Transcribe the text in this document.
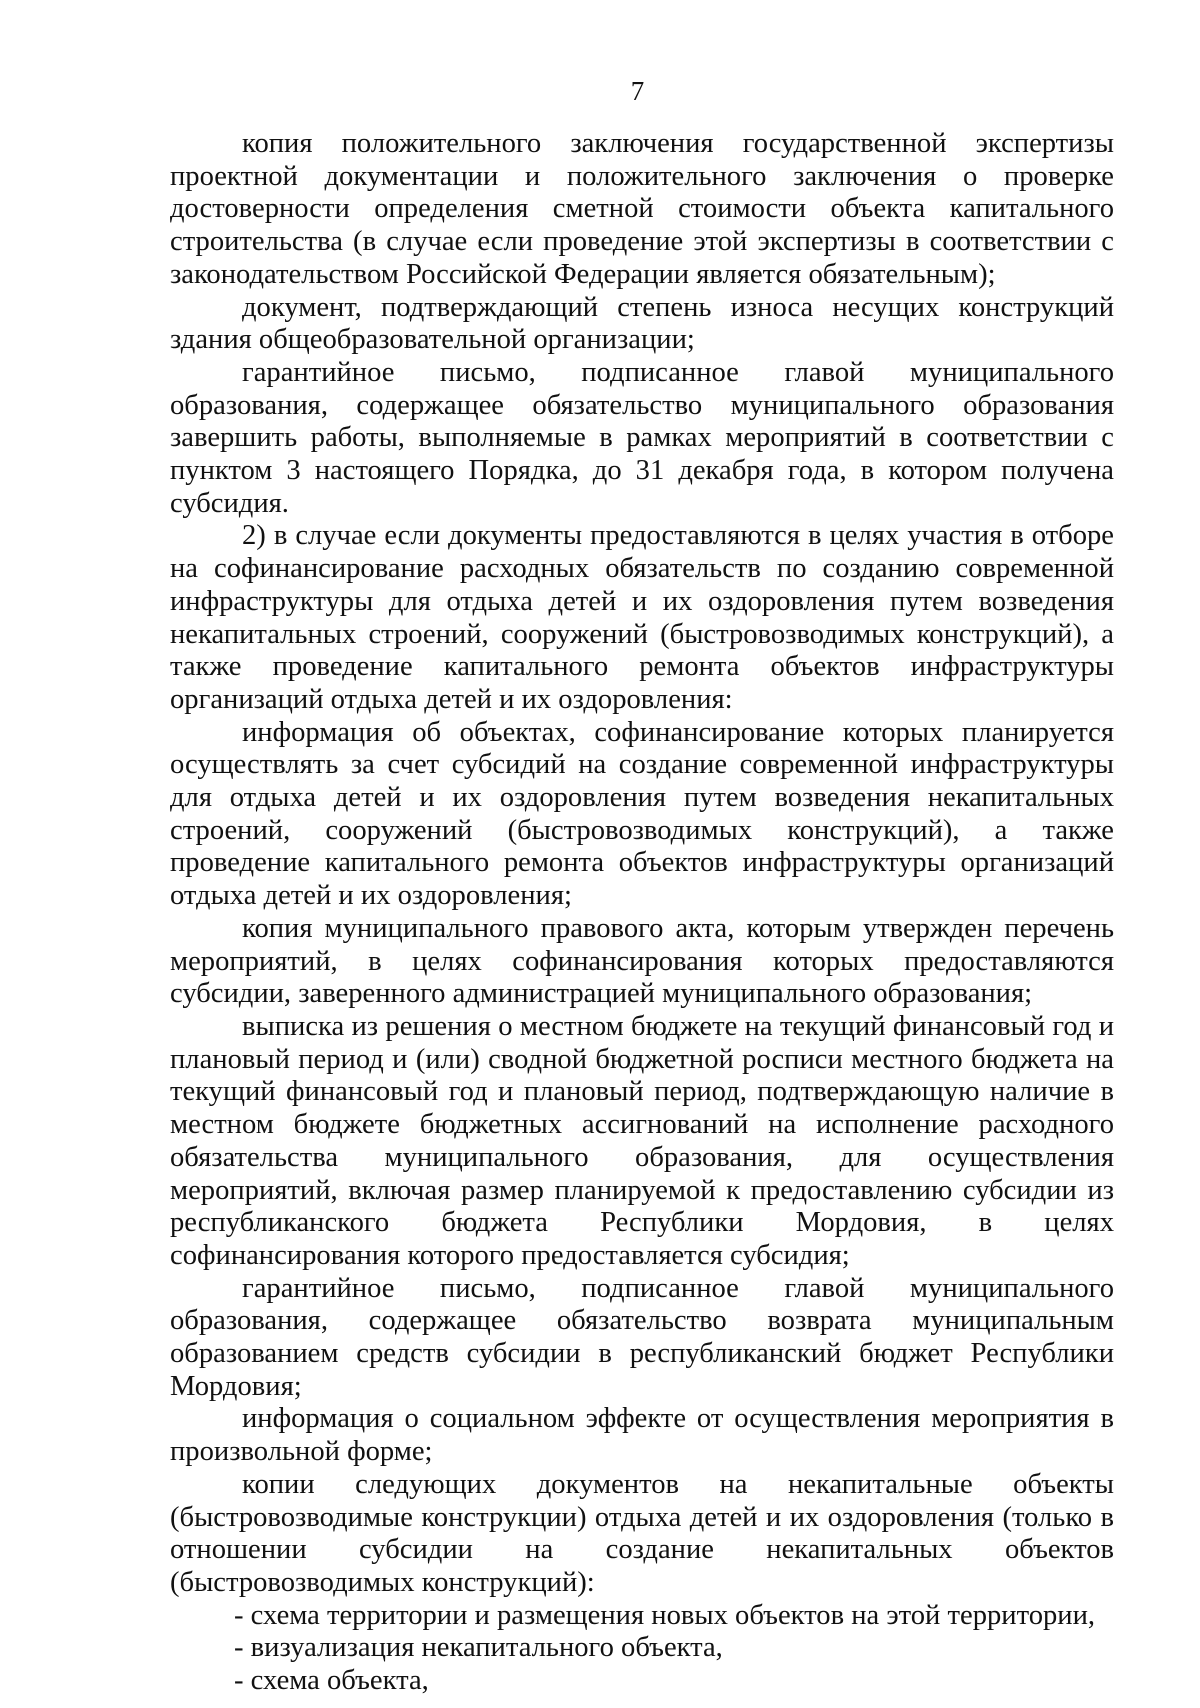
7

копия положительного заключения государственной экспертизы проектной документации и положительного заключения о проверке достоверности определения сметной стоимости объекта капитального строительства (в случае если проведение этой экспертизы в соответствии с законодательством Российской Федерации является обязательным);

документ, подтверждающий степень износа несущих конструкций здания общеобразовательной организации;

гарантийное письмо, подписанное главой муниципального образования, содержащее обязательство муниципального образования завершить работы, выполняемые в рамках мероприятий в соответствии с пунктом 3 настоящего Порядка, до 31 декабря года, в котором получена субсидия.

2) в случае если документы предоставляются в целях участия в отборе на софинансирование расходных обязательств по созданию современной инфраструктуры для отдыха детей и их оздоровления путем возведения некапитальных строений, сооружений (быстровозводимых конструкций), а также проведение капитального ремонта объектов инфраструктуры организаций отдыха детей и их оздоровления:

информация об объектах, софинансирование которых планируется осуществлять за счет субсидий на создание современной инфраструктуры для отдыха детей и их оздоровления путем возведения некапитальных строений, сооружений (быстровозводимых конструкций), а также проведение капитального ремонта объектов инфраструктуры организаций отдыха детей и их оздоровления;

копия муниципального правового акта, которым утвержден перечень мероприятий, в целях софинансирования которых предоставляются субсидии, заверенного администрацией муниципального образования;

выписка из решения о местном бюджете на текущий финансовый год и плановый период и (или) сводной бюджетной росписи местного бюджета на текущий финансовый год и плановый период, подтверждающую наличие в местном бюджете бюджетных ассигнований на исполнение расходного обязательства муниципального образования, для осуществления мероприятий, включая размер планируемой к предоставлению субсидии из республиканского бюджета Республики Мордовия, в целях софинансирования которого предоставляется субсидия;

гарантийное письмо, подписанное главой муниципального образования, содержащее обязательство возврата муниципальным образованием средств субсидии в республиканский бюджет Республики Мордовия;

информация о социальном эффекте от осуществления мероприятия в произвольной форме;

копии следующих документов на некапитальные объекты (быстровозводимые конструкции) отдыха детей и их оздоровления (только в отношении субсидии на создание некапитальных объектов (быстровозводимых конструкций):

- схема территории и размещения новых объектов на этой территории,

- визуализация некапитального объекта,

- схема объекта,
